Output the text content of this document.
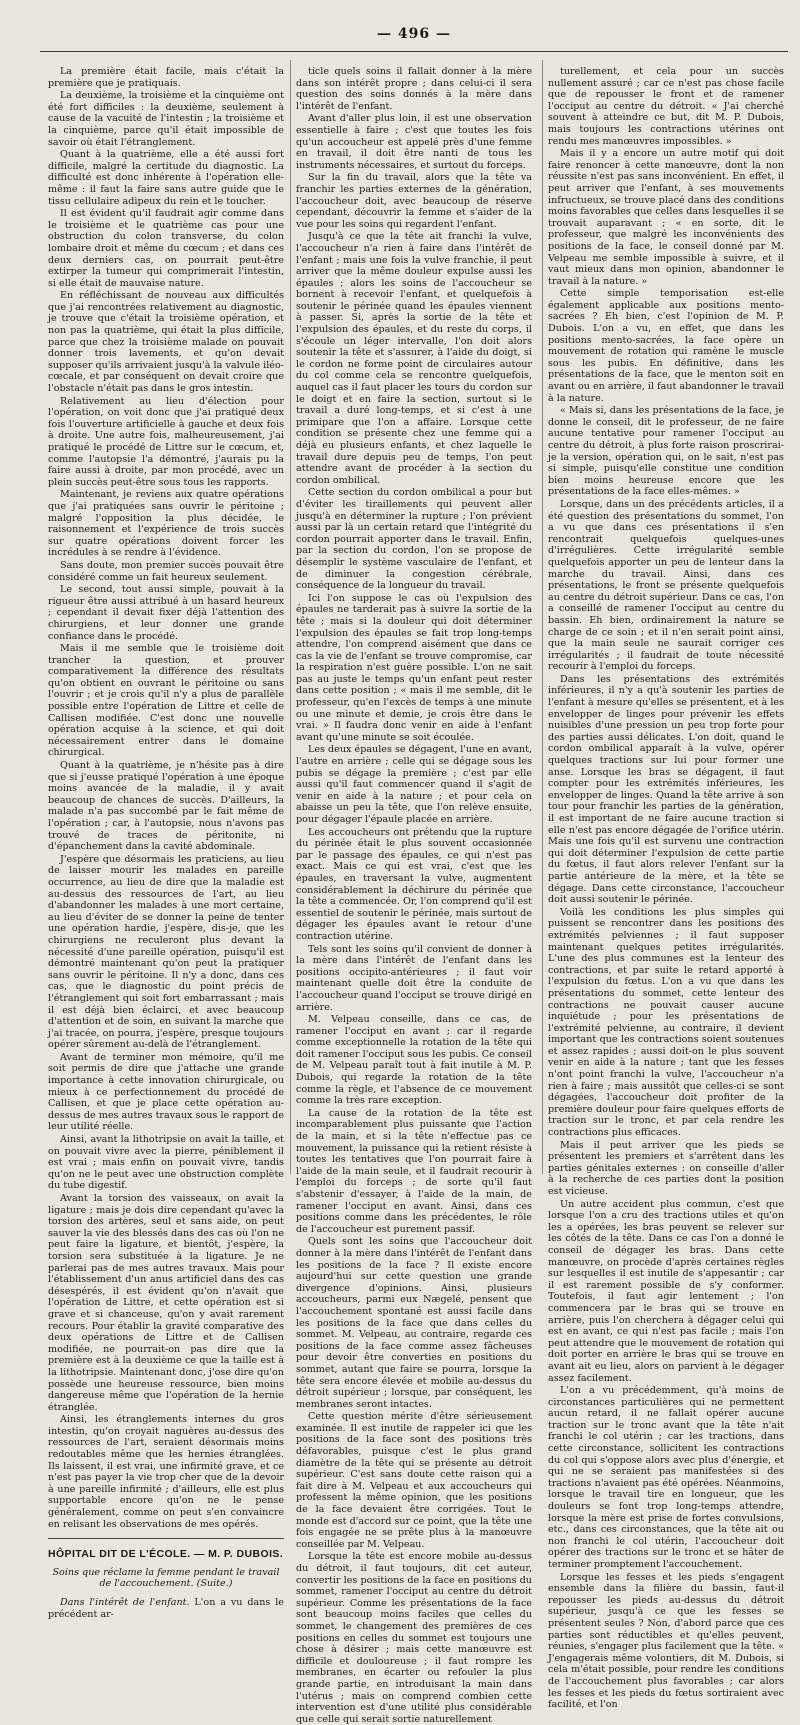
— 496 —

La première était facile, mais c'était la première que je pratiquais.

La deuxième, la troisième et la cinquième ont été fort difficiles : la deuxième, seulement à cause de la vacuité de l'intestin ; la troisième et la cinquième, parce qu'il était impossible de savoir où était l'étranglement.

Quant à la quatrième, elle a été aussi fort difficile, malgré la certitude du diagnostic. La difficulté est donc inhérente à l'opération elle-même : il faut la faire sans autre guide que le tissu cellulaire adipeux du rein et le toucher.

Il est évident qu'il faudrait agir comme dans le troisième et le quatrième cas pour une obstruction du colon transverse, du colon lombaire droit et même du cœcum ; et dans ces deux derniers cas, on pourrait peut-être extirper la tumeur qui comprimerait l'intestin, si elle était de mauvaise nature.

En réfléchissant de nouveau aux difficultés que j'ai rencontrées relativement au diagnostic, je trouve que c'était la troisième opération, et non pas la quatrième, qui était la plus difficile, parce que chez la troisième malade on pouvait donner trois lavements, et qu'on devait supposer qu'ils arrivaient jusqu'à la valvule iléo-cœcale, et par conséquent on devait croire que l'obstacle n'était pas dans le gros intestin.

Relativement au lieu d'élection pour l'opération, on voit donc que j'ai pratiqué deux fois l'ouverture artificielle à gauche et deux fois à droite. Une autre fois, malheureusement, j'ai pratiqué le procédé de Littre sur le cœcum, et, comme l'autopsie l'a démontré, j'aurais pu la faire aussi à droite, par mon procédé, avec un plein succès peut-être sous tous les rapports.

Maintenant, je reviens aux quatre opérations que j'ai pratiquées sans ouvrir le péritoine ; malgré l'opposition la plus décidée, le raisonnement et l'expérience de trois succès sur quatre opérations doivent forcer les incrédules à se rendre à l'évidence.

Sans doute, mon premier succès pouvait être considéré comme un fait heureux seulement.

Le second, tout aussi simple, pouvait à la rigueur être aussi attribué à un hasard heureux ; cependant il devait fixer déjà l'attention des chirurgiens, et leur donner une grande confiance dans le procédé.

Mais il me semble que le troisième doit trancher la question, et prouver comparativement la différence des résultats qu'on obtient en ouvrant le péritoine ou sans l'ouvrir ; et je crois qu'il n'y a plus de parallèle possible entre l'opération de Littre et celle de Callisen modifiée. C'est donc une nouvelle opération acquise à la science, et qui doit nécessairement entrer dans le domaine chirurgical.

Quant à la quatrième, je n'hésite pas à dire que si j'eusse pratiqué l'opération à une époque moins avancée de la maladie, il y avait beaucoup de chances de succès. D'ailleurs, la malade n'a pas succombé par le fait même de l'opération ; car, à l'autopsie, nous n'avons pas trouvé de traces de péritonite, ni d'épanchement dans la cavité abdominale.

J'espère que désormais les praticiens, au lieu de laisser mourir les malades en pareille occurrence, au lieu de dire que la maladie est au-dessus des ressources de l'art, au lieu d'abandonner les malades à une mort certaine, au lieu d'éviter de se donner la peine de tenter une opération hardie, j'espère, dis-je, que les chirurgiens ne reculeront plus devant la nécessité d'une pareille opération, puisqu'il est démontré maintenant qu'on peut la pratiquer sans ouvrir le péritoine. Il n'y a donc, dans ces cas, que le diagnostic du point précis de l'étranglement qui soit fort embarrassant ; mais il est déjà bien éclairci, et avec beaucoup d'attention et de soin, en suivant la marche que j'ai tracée, on pourra, j'espère, presque toujours opérer sûrement au-delà de l'étranglement.

Avant de terminer mon mémoire, qu'il me soit permis de dire que j'attache une grande importance à cette innovation chirurgicale, ou mieux à ce perfectionnement du procédé de Callisen, et que je place cette opération au-dessus de mes autres travaux sous le rapport de leur utilité réelle.

Ainsi, avant la lithotripsie on avait la taille, et on pouvait vivre avec la pierre, péniblement il est vrai ; mais enfin on pouvait vivre, tandis qu'on ne le peut avec une obstruction complète du tube digestif.

Avant la torsion des vaisseaux, on avait la ligature ; mais je dois dire cependant qu'avec la torsion des artères, seul et sans aide, on peut sauver la vie des blessés dans des cas où l'on ne peut faire la ligature, et bientôt, j'espère, la torsion sera substituée à la ligature. Je ne parlerai pas de mes autres travaux. Mais pour l'établissement d'un anus artificiel dans des cas désespérés, il est évident qu'on n'avait que l'opération de Littre, et cette opération est si grave et si chanceuse, qu'on y avait rarement recours. Pour établir la gravité comparative des deux opérations de Littre et de Callisen modifiée, ne pourrait-on pas dire que la première est à la deuxième ce que la taille est à la lithotripsie. Maintenant donc, j'ose dire qu'on possède une heureuse ressource, bien moins dangereuse même que l'opération de la hernie étranglée.

Ainsi, les étranglements internes du gros intestin, qu'on croyait naguères au-dessus des ressources de l'art, seraient désormais moins redoutables même que les hernies étranglées. Ils laissent, il est vrai, une infirmité grave, et ce n'est pas payer la vie trop cher que de la devoir à une pareille infirmité ; d'ailleurs, elle est plus supportable encore qu'on ne le pense généralement, comme on peut s'en convaincre en relisant les observations de mes opérés.

HÔPITAL DIT DE L'ÉCOLE. — M. P. DUBOIS.
Soins que réclame la femme pendant le travail de l'accouchement. (Suite.)

Dans l'intérêt de l'enfant. L'on a vu dans le précédent ar-

ticle quels soins il fallait donner à la mère dans son intérêt propre ; dans celui-ci il sera question des soins donnés à la mère dans l'intérêt de l'enfant.

Avant d'aller plus loin, il est une observation essentielle à faire ; c'est que toutes les fois qu'un accoucheur est appelé près d'une femme en travail, il doit être nanti de tous les instruments nécessaires, et surtout du forceps.

Sur la fin du travail, alors que la tête va franchir les parties externes de la génération, l'accoucheur doit, avec beaucoup de réserve cependant, découvrir la femme et s'aider de la vue pour les soins qui regardent l'enfant.

Jusqu'à ce que la tête ait franchi la vulve, l'accoucheur n'a rien à faire dans l'intérêt de l'enfant ; mais une fois la vulve franchie, il peut arriver que la même douleur expulse aussi les épaules ; alors les soins de l'accoucheur se bornent à recevoir l'enfant, et quelquefois à soutenir le périnée quand les épaules viennent à passer. Si, après la sortie de la tête et l'expulsion des épaules, et du reste du corps, il s'écoule un léger intervalle, l'on doit alors soutenir la tête et s'assurer, à l'aide du doigt, si le cordon ne forme point de circulaires autour du col comme cela se rencontre quelquefois, auquel cas il faut placer les tours du cordon sur le doigt et en faire la section, surtout si le travail a duré long-temps, et si c'est à une primipare que l'on a affaire. Lorsque cette condition se présente chez une femme qui a déjà eu plusieurs enfants, et chez laquelle le travail dure depuis peu de temps, l'on peut attendre avant de procéder à la section du cordon ombilical.

Cette section du cordon ombilical a pour but d'éviter les tiraillements qui peuvent aller jusqu'à en déterminer la rupture ; l'on prévient aussi par là un certain retard que l'intégrité du cordon pourrait apporter dans le travail. Enfin, par la section du cordon, l'on se propose de désemplir le système vasculaire de l'enfant, et de diminuer la congestion cérébrale, conséquence de la longueur du travail.

Ici l'on suppose le cas où l'expulsion des épaules ne tarderait pas à suivre la sortie de la tête ; mais si la douleur qui doit déterminer l'expulsion des épaules se fait trop long-temps attendre, l'on comprend aisément que dans ce cas la vie de l'enfant se trouve compromise, car la respiration n'est guère possible. L'on ne sait pas au juste le temps qu'un enfant peut rester dans cette position ; « mais il me semble, dit le professeur, qu'en l'excès de temps à une minute ou une minute et demie, je crois être dans le vrai. » Il faudra donc venir en aide à l'enfant avant qu'une minute se soit écoulée.

Les deux épaules se dégagent, l'une en avant, l'autre en arrière ; celle qui se dégage sous les pubis se dégage la première ; c'est par elle aussi qu'il faut commencer quand il s'agit de venir en aide à la nature ; et pour cela on abaisse un peu la tête, que l'on relève ensuite, pour dégager l'épaule placée en arrière.

Les accoucheurs ont prétendu que la rupture du périnée était le plus souvent occasionnée par le passage des épaules, ce qui n'est pas exact. Mais ce qui est vrai, c'est que les épaules, en traversant la vulve, augmentent considérablement la déchirure du périnée que la tête a commencée. Or, l'on comprend qu'il est essentiel de soutenir le périnée, mais surtout de dégager les épaules avant le retour d'une contraction utérine.

Tels sont les soins qu'il convient de donner à la mère dans l'intérêt de l'enfant dans les positions occipito-antérieures ; il faut voir maintenant quelle doit être la conduite de l'accoucheur quand l'occiput se trouve dirigé en arrière.

M. Velpeau conseille, dans ce cas, de ramener l'occiput en avant ; car il regarde comme exceptionnelle la rotation de la tête qui doit ramener l'occiput sous les pubis. Ce conseil de M. Velpeau paraît tout à fait inutile à M. P. Dubois, qui regarde la rotation de la tête comme la règle, et l'absence de ce mouvement comme la très rare exception.

La cause de la rotation de la tête est incomparablement plus puissante que l'action de la main, et si la tête n'effectue pas ce mouvement, la puissance qui la retient résiste à toutes les tentatives que l'on pourrait faire à l'aide de la main seule, et il faudrait recourir à l'emploi du forceps ; de sorte qu'il faut s'abstenir d'essayer, à l'aide de la main, de ramener l'occiput en avant. Ainsi, dans ces positions comme dans les précédentes, le rôle de l'accoucheur est purement passif.

Quels sont les soins que l'accoucheur doit donner à la mère dans l'intérêt de l'enfant dans les positions de la face ? Il existe encore aujourd'hui sur cette question une grande divergence d'opinions. Ainsi, plusieurs accoucheurs, parmi eux Nægelé, pensent que l'accouchement spontané est aussi facile dans les positions de la face que dans celles du sommet. M. Velpeau, au contraire, regarde ces positions de la face comme assez fâcheuses pour devoir être converties en positions du sommet, autant que faire se pourra, lorsque la tête sera encore élevée et mobile au-dessus du détroit supérieur ; lorsque, par conséquent, les membranes seront intactes.

Cette question mérite d'être sérieusement examinée. Il est inutile de rappeler ici que les positions de la face sont des positions très défavorables, puisque c'est le plus grand diamètre de la tête qui se présente au détroit supérieur. C'est sans doute cette raison qui a fait dire à M. Velpeau et aux accoucheurs qui professent la même opinion, que les positions de la face devaient être corrigées. Tout le monde est d'accord sur ce point, que la tête une fois engagée ne se prête plus à la manœuvre conseillée par M. Velpeau.

Lorsque la tête est encore mobile au-dessus du détroit, il faut toujours, dit cet auteur, convertir les positions de la face en positions du sommet, ramener l'occiput au centre du détroit supérieur. Comme les présentations de la face sont beaucoup moins faciles que celles du sommet, le changement des premières de ces positions en celles du sommet est toujours une chose à désirer ; mais cette manœuvre est difficile et douloureuse ; il faut rompre les membranes, en écarter ou refouler la plus grande partie, en introduisant la main dans l'utérus ; mais on comprend combien cette intervention est d'une utilité plus considérable que celle qui serait sortie naturellement

turellement, et cela pour un succès nullement assuré ; car ce n'est pas chose facile que de repousser le front et de ramener l'occiput au centre du détroit. « J'ai cherché souvent à atteindre ce but, dit M. P. Dubois, mais toujours les contractions utérines ont rendu mes manœuvres impossibles. »

Mais il y a encore un autre motif qui doit faire renoncer à cette manœuvre, dont la non réussite n'est pas sans inconvénient. En effet, il peut arriver que l'enfant, à ses mouvements infructueux, se trouve placé dans des conditions moins favorables que celles dans lesquelles il se trouvait auparavant ; « en sorte, dit le professeur, que malgré les inconvénients des positions de la face, le conseil donné par M. Velpeau me semble impossible à suivre, et il vaut mieux dans mon opinion, abandonner le travail à la nature. »

Cette simple temporisation est-elle également applicable aux positions mento-sacrées ? Eh bien, c'est l'opinion de M. P. Dubois. L'on a vu, en effet, que dans les positions mento-sacrées, la face opère un mouvement de rotation qui ramène le muscle sous les pubis. En définitive, dans les présentations de la face, que le menton soit en avant ou en arrière, il faut abandonner le travail à la nature.

« Mais si, dans les présentations de la face, je donne le conseil, dit le professeur, de ne faire aucune tentative pour ramener l'occiput au centre du détroit, à plus forte raison proscrirai-je la version, opération qui, on le sait, n'est pas si simple, puisqu'elle constitue une condition bien moins heureuse encore que les présentations de la face elles-mêmes. »

Lorsque, dans un des précédents articles, il a été question des présentations du sommet, l'on a vu que dans ces présentations il s'en rencontrait quelquefois quelques-unes d'irrégulières. Cette irrégularité semble quelquefois apporter un peu de lenteur dans la marche du travail. Ainsi, dans ces présentations, le front se présente quelquefois au centre du détroit supérieur. Dans ce cas, l'on a conseillé de ramener l'occiput au centre du bassin. Eh bien, ordinairement la nature se charge de ce soin ; et il n'en serait point ainsi, que la main seule ne saurait corriger ces irrégularités ; il faudrait de toute nécessité recourir à l'emploi du forceps.

Dans les présentations des extrémités inférieures, il n'y a qu'à soutenir les parties de l'enfant à mesure qu'elles se présentent, et à les envelopper de linges pour prévenir les effets nuisibles d'une pression un peu trop forte pour des parties aussi délicates. L'on doit, quand le cordon ombilical apparaît à la vulve, opérer quelques tractions sur lui pour former une anse. Lorsque les bras se dégagent, il faut compter pour les extrémités inférieures, les envelopper de linges. Quand la tête arrive à son tour pour franchir les parties de la génération, il est important de ne faire aucune traction si elle n'est pas encore dégagée de l'orifice utérin. Mais une fois qu'il est survenu une contraction qui doit déterminer l'expulsion de cette partie du fœtus, il faut alors relever l'enfant sur la partie antérieure de la mère, et la tête se dégage. Dans cette circonstance, l'accoucheur doit aussi soutenir le périnée.

Voilà les conditions les plus simples qui puissent se rencontrer dans les positions des extrémités pelviennes ; il faut supposer maintenant quelques petites irrégularités. L'une des plus communes est la lenteur des contractions, et par suite le retard apporté à l'expulsion du fœtus. L'on a vu que dans les présentations du sommet, cette lenteur des contractions ne pouvait causer aucune inquiétude ; pour les présentations de l'extrémité pelvienne, au contraire, il devient important que les contractions soient soutenues et assez rapides ; aussi doit-on le plus souvent venir en aide à la nature ; tant que les fesses n'ont point franchi la vulve, l'accoucheur n'a rien à faire ; mais aussitôt que celles-ci se sont dégagées, l'accoucheur doit profiter de la première douleur pour faire quelques efforts de traction sur le tronc, et par cela rendre les contractions plus efficaces.

Mais il peut arriver que les pieds se présentent les premiers et s'arrêtent dans les parties génitales externes : on conseille d'aller à la recherche de ces parties dont la position est vicieuse.

Un autre accident plus commun, c'est que lorsque l'on a cru des tractions utiles et qu'on les a opérées, les bras peuvent se relever sur les côtés de la tête. Dans ce cas l'on a donné le conseil de dégager les bras. Dans cette manœuvre, on procède d'après certaines règles sur lesquelles il est inutile de s'appesantir ; car il est rarement possible de s'y conformer. Toutefois, il faut agir lentement ; l'on commencera par le bras qui se trouve en arrière, puis l'on cherchera à dégager celui qui est en avant, ce qui n'est pas facile ; mais l'on peut attendre que le mouvement de rotation qui doit porter en arrière le bras qui se trouve en avant ait eu lieu, alors on parvient à le dégager assez facilement.

L'on a vu précédemment, qu'à moins de circonstances particulières qui ne permettent aucun retard, il ne fallait opérer aucune traction sur le tronc avant que la tête n'ait franchi le col utérin ; car les tractions, dans cette circonstance, sollicitent les contractions du col qui s'oppose alors avec plus d'énergie, et qui ne se seraient pas manifestées si des tractions n'avaient pas été opérées. Néanmoins, lorsque le travail tire en longueur, que les douleurs se font trop long-temps attendre, lorsque la mère est prise de fortes convulsions, etc., dans ces circonstances, que la tête ait ou non franchi le col utérin, l'accoucheur doit opérer des tractions sur le tronc et se hâter de terminer promptement l'accouchement.

Lorsque les fesses et les pieds s'engagent ensemble dans la filière du bassin, faut-il repousser les pieds au-dessus du détroit supérieur, jusqu'à ce que les fesses se présentent seules ? Non, d'abord parce que ces parties sont réductibles et qu'elles peuvent, réunies, s'engager plus facilement que la tête. « J'engagerais même volontiers, dit M. Dubois, si cela m'était possible, pour rendre les conditions de l'accouchement plus favorables ; car alors les fesses et les pieds du fœtus sortiraient avec facilité, et l'on
